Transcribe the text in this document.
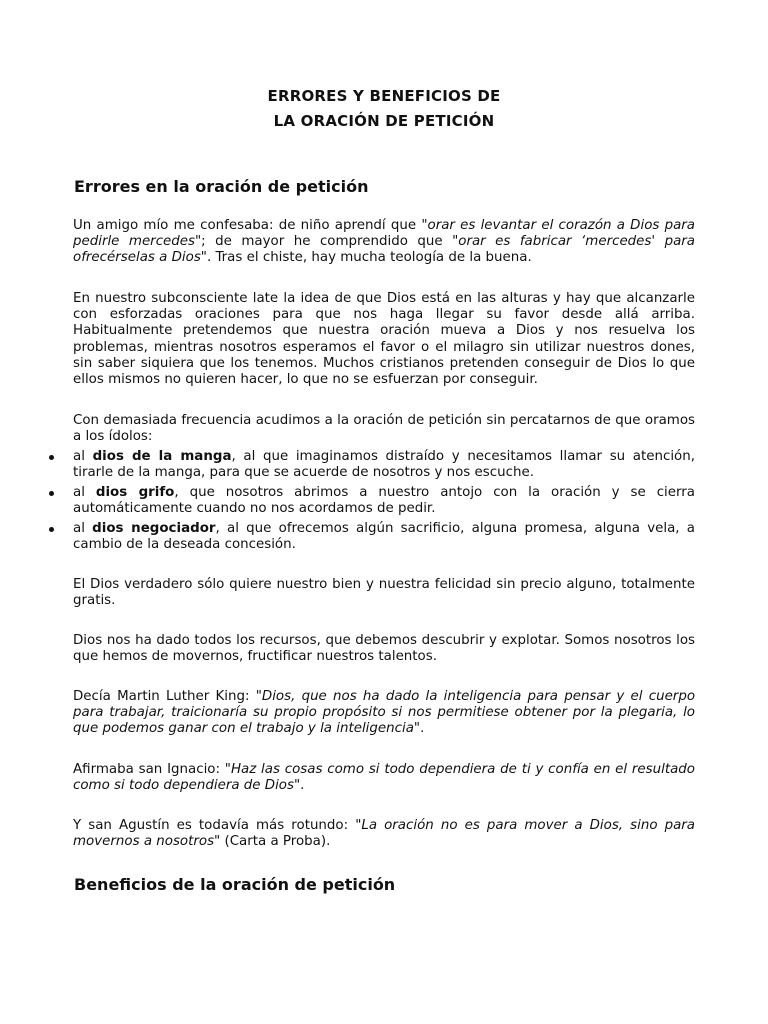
ERRORES Y BENEFICIOS DE
LA ORACIÓN DE PETICIÓN
Errores en la oración de petición

Un amigo mío me confesaba: de niño aprendí que "orar es levantar el corazón a Dios para pedirle mercedes"; de mayor he comprendido que "orar es fabricar ‘mercedes' para ofrecérselas a Dios". Tras el chiste, hay mucha teología de la buena.

En nuestro subconsciente late la idea de que Dios está en las alturas y hay que alcanzarle con esforzadas oraciones para que nos haga llegar su favor desde allá arriba. Habitualmente pretendemos que nuestra oración mueva a Dios y nos resuelva los problemas, mientras nosotros esperamos el favor o el milagro sin utilizar nuestros dones, sin saber siquiera que los tenemos. Muchos cristianos pretenden conseguir de Dios lo que ellos mismos no quieren hacer, lo que no se esfuerzan por conseguir.

Con demasiada frecuencia acudimos a la oración de petición sin percatarnos de que oramos a los ídolos:

al dios de la manga, al que imaginamos distraído y necesitamos llamar su atención, tirarle de la manga, para que se acuerde de nosotros y nos escuche.
al dios grifo, que nosotros abrimos a nuestro antojo con la oración y se cierra automáticamente cuando no nos acordamos de pedir.
al dios negociador, al que ofrecemos algún sacrificio, alguna promesa, alguna vela, a cambio de la deseada concesión.

El Dios verdadero sólo quiere nuestro bien y nuestra felicidad sin precio alguno, totalmente gratis.

Dios nos ha dado todos los recursos, que debemos descubrir y explotar. Somos nosotros los que hemos de movernos, fructificar nuestros talentos.

Decía Martin Luther King: "Dios, que nos ha dado la inteligencia para pensar y el cuerpo para trabajar, traicionaría su propio propósito si nos permitiese obtener por la plegaria, lo que podemos ganar con el trabajo y la inteligencia".

Afirmaba san Ignacio: "Haz las cosas como si todo dependiera de ti y confía en el resultado como si todo dependiera de Dios".

Y san Agustín es todavía más rotundo: "La oración no es para mover a Dios, sino para movernos a nosotros" (Carta a Proba).

Beneficios de la oración de petición
